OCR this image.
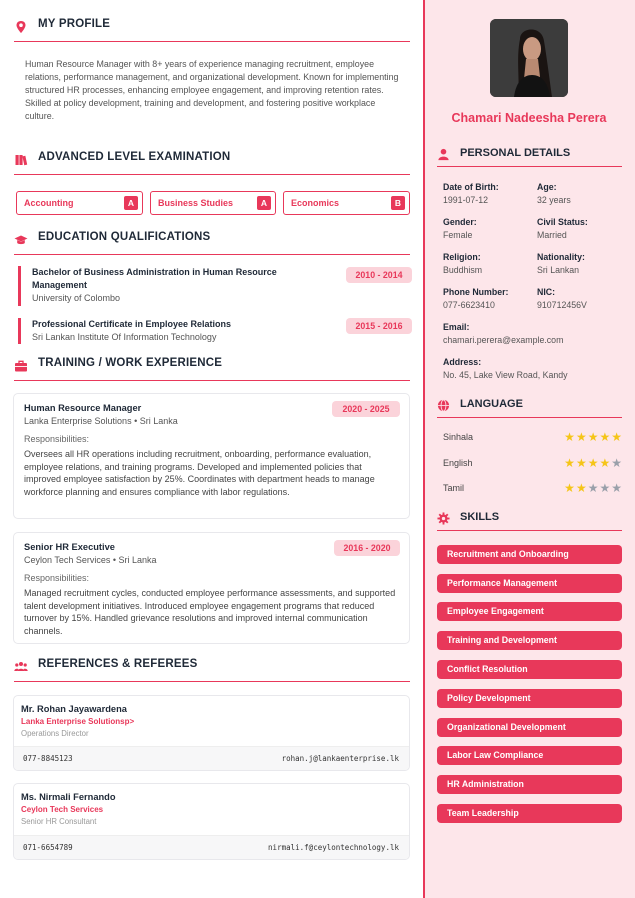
MY PROFILE
Human Resource Manager with 8+ years of experience managing recruitment, employee relations, performance management, and organizational development. Known for implementing structured HR processes, enhancing employee engagement, and improving retention rates. Skilled at policy development, training and development, and fostering positive workplace culture.
ADVANCED LEVEL EXAMINATION
Accounting	A	Business Studies	A	Economics	B
EDUCATION QUALIFICATIONS
Bachelor of Business Administration in Human Resource Management
University of Colombo
2010 - 2014
Professional Certificate in Employee Relations
Sri Lankan Institute Of Information Technology
2015 - 2016
TRAINING / WORK EXPERIENCE
Human Resource Manager
Lanka Enterprise Solutions • Sri Lanka
2020 - 2025
Responsibilities:
Oversees all HR operations including recruitment, onboarding, performance evaluation, employee relations, and training programs. Developed and implemented policies that improved employee satisfaction by 25%. Coordinates with department heads to manage workforce planning and ensures compliance with labor regulations.
Senior HR Executive
Ceylon Tech Services • Sri Lanka
2016 - 2020
Responsibilities:
Managed recruitment cycles, conducted employee performance assessments, and supported talent development initiatives. Introduced employee engagement programs that reduced turnover by 15%. Handled grievance resolutions and improved internal communication channels.
REFERENCES & REFEREES
Mr. Rohan Jayawardena
Lanka Enterprise Solutionsp>
Operations Director
077-8845123	rohan.j@lankaenterprise.lk
Ms. Nirmali Fernando
Ceylon Tech Services
Senior HR Consultant
071-6654789	nirmali.f@ceylontechnology.lk
Chamari Nadeesha Perera
PERSONAL DETAILS
Date of Birth:
1991-07-12
Age:
32 years
Gender:
Female
Civil Status:
Married
Religion:
Buddhism
Nationality:
Sri Lankan
Phone Number:
077-6623410
NIC:
910712456V
Email:
chamari.perera@example.com
Address:
No. 45, Lake View Road, Kandy
LANGUAGE
Sinhala	★★★★★
English	★★★★★
Tamil	★★★★★
SKILLS
Recruitment and Onboarding
Performance Management
Employee Engagement
Training and Development
Conflict Resolution
Policy Development
Organizational Development
Labor Law Compliance
HR Administration
Team Leadership
